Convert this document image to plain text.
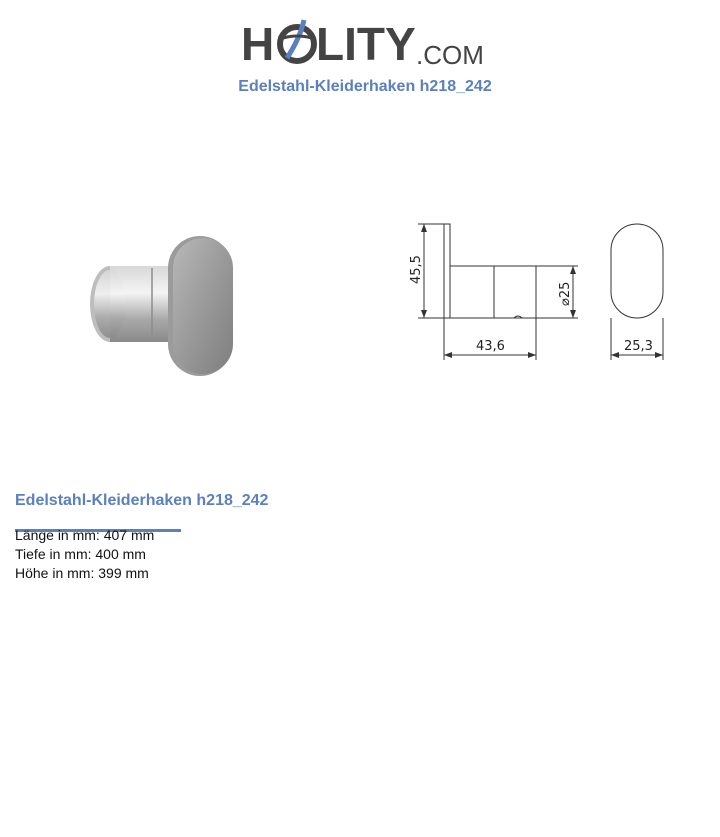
H LITY .COM
Edelstahl-Kleiderhaken h218_242
45,5
43,6
⌀25
25,3
Edelstahl-Kleiderhaken h218_242
Länge in mm: 407 mm
Tiefe in mm: 400 mm
Höhe in mm: 399 mm
